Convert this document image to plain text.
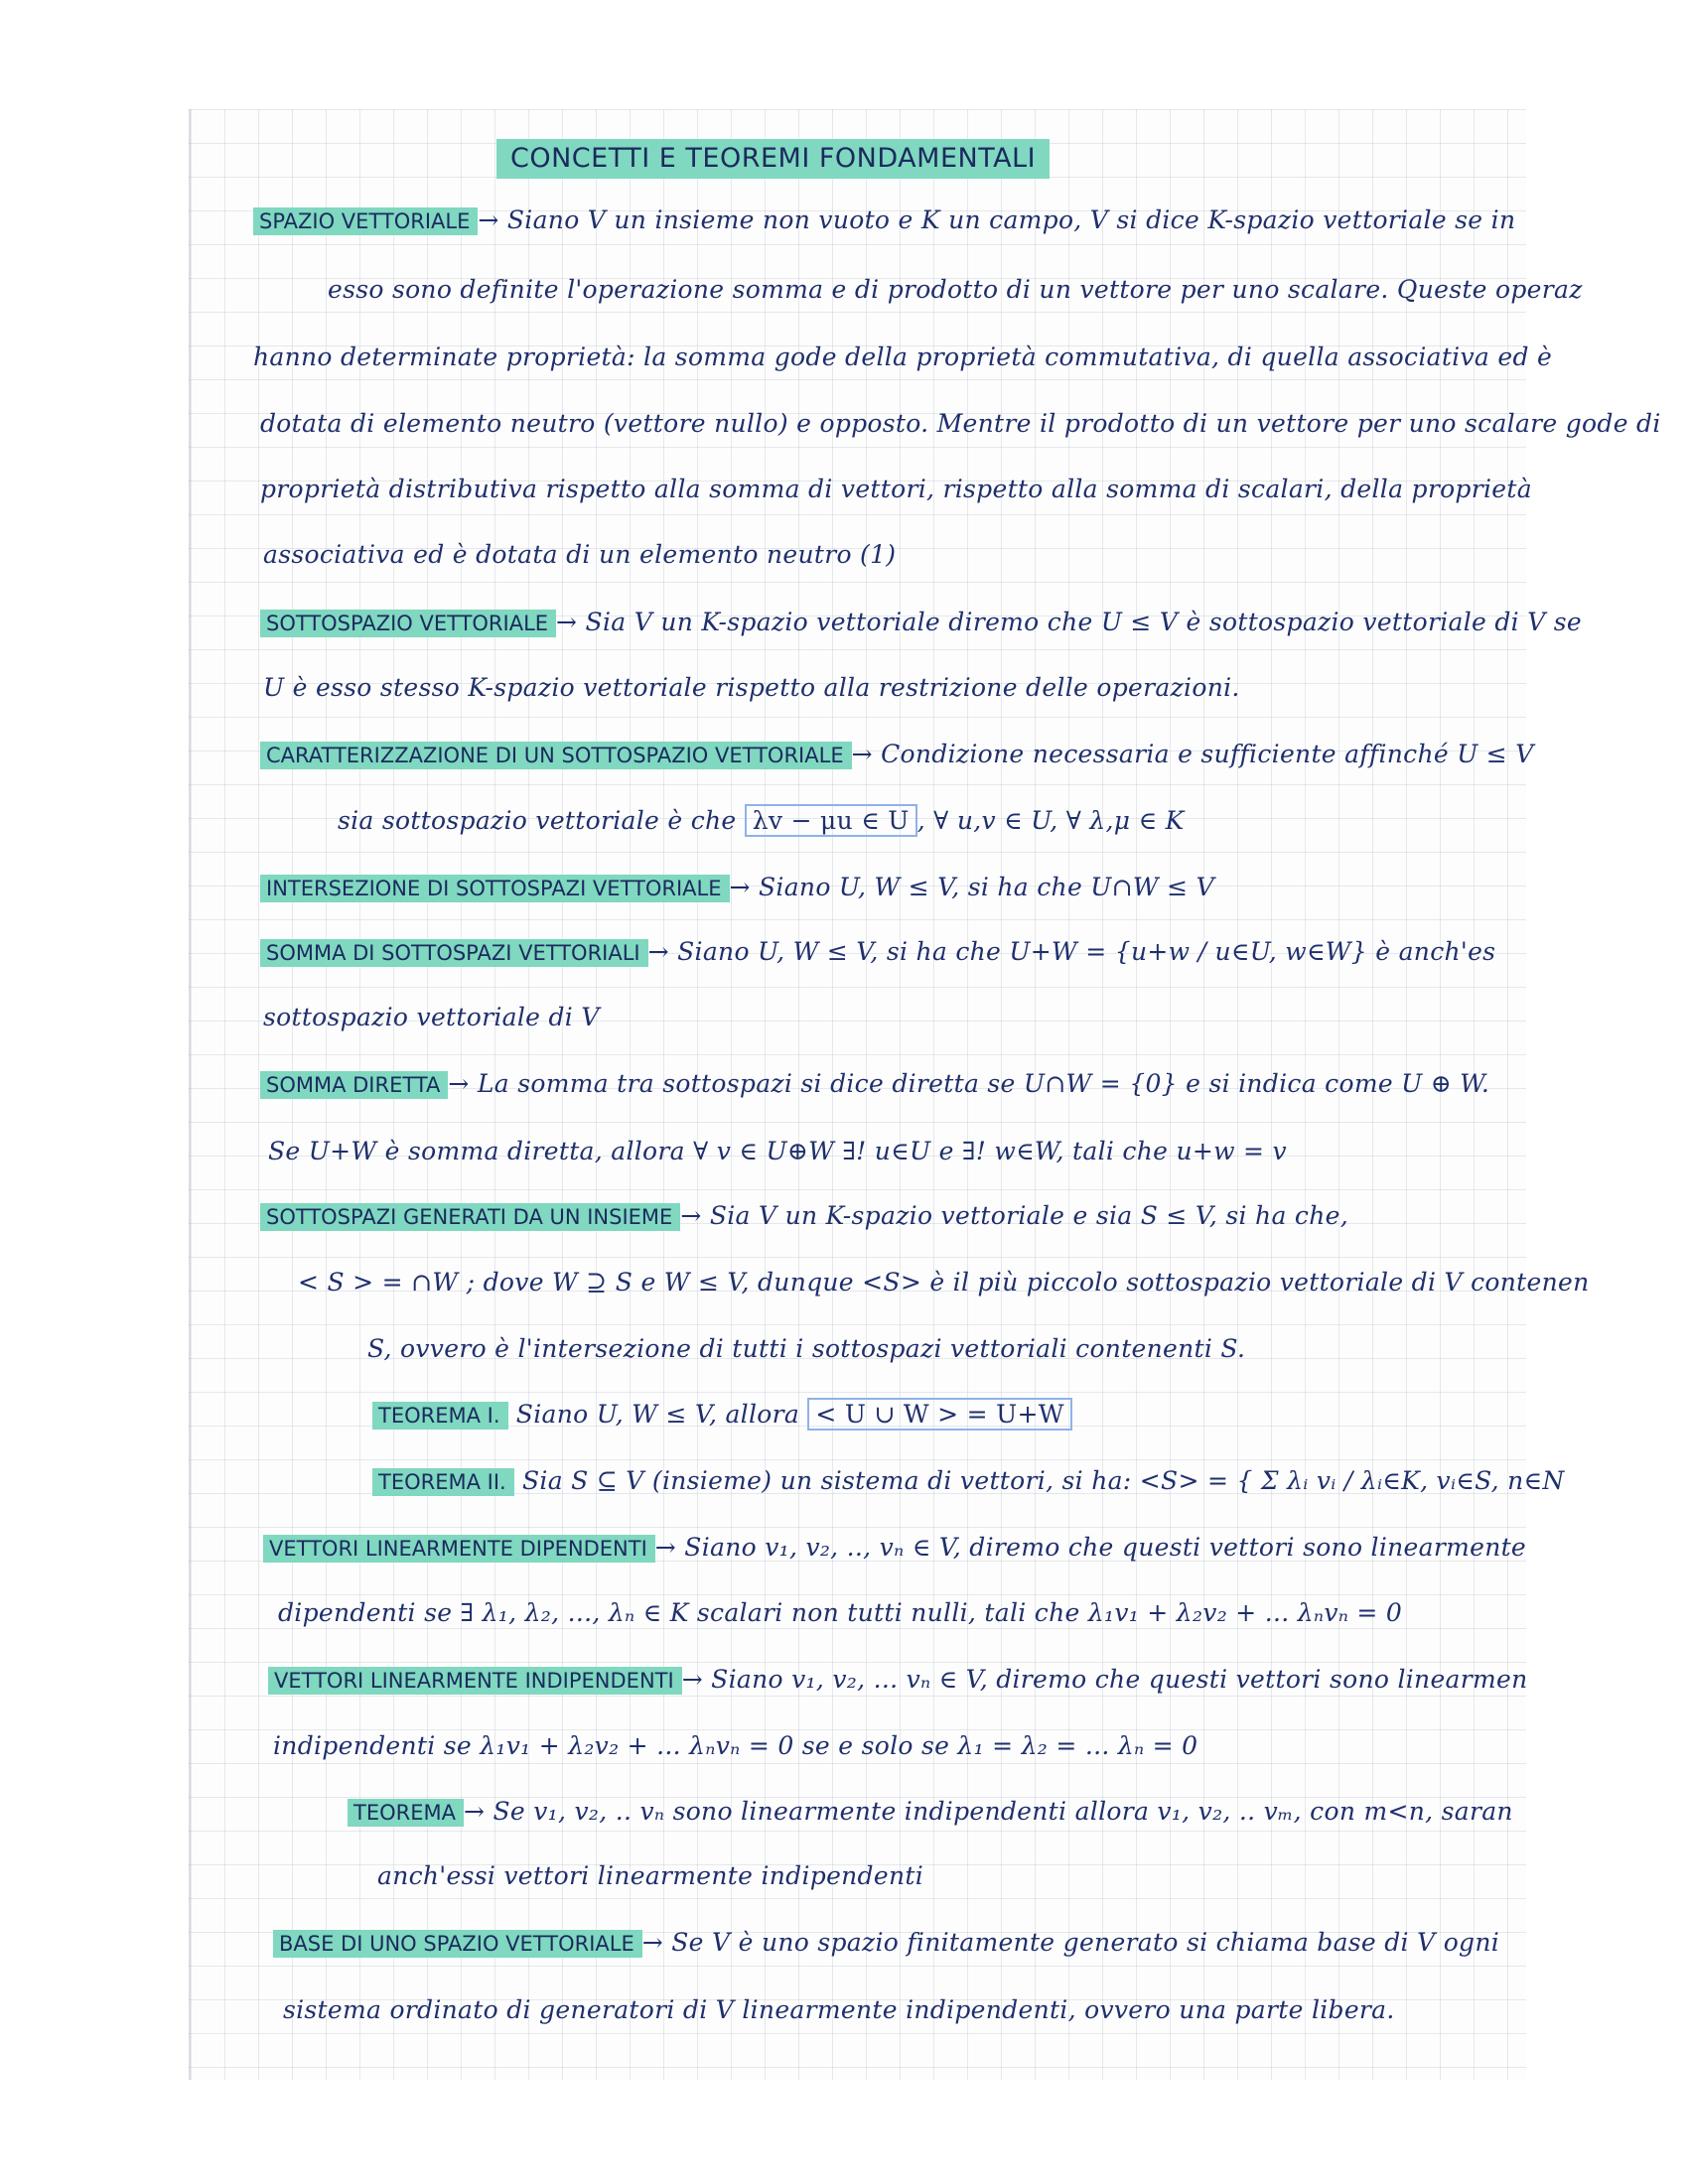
CONCETTI E TEOREMI FONDAMENTALI
SPAZIO VETTORIALE → Siano V un insieme non vuoto e K un campo, V si dice K-spazio vettoriale se in
esso sono definite l'operazione somma e di prodotto di un vettore per uno scalare. Queste operaz
hanno determinate proprietà: la somma gode della proprietà commutativa, di quella associativa ed è
dotata di elemento neutro (vettore nullo) e opposto. Mentre il prodotto di un vettore per uno scalare gode di
proprietà distributiva rispetto alla somma di vettori, rispetto alla somma di scalari, della proprietà
associativa ed è dotata di un elemento neutro (1)
SOTTOSPAZIO VETTORIALE → Sia V un K-spazio vettoriale diremo che U ≤ V è sottospazio vettoriale di V se
U è esso stesso K-spazio vettoriale rispetto alla restrizione delle operazioni.
CARATTERIZZAZIONE DI UN SOTTOSPAZIO VETTORIALE → Condizione necessaria e sufficiente affinché U ≤ V
sia sottospazio vettoriale è che λv − μu ∈ U , ∀ u,v ∈ U, ∀ λ,μ ∈ K
INTERSEZIONE DI SOTTOSPAZI VETTORIALE → Siano U, W ≤ V, si ha che U∩W ≤ V
SOMMA DI SOTTOSPAZI VETTORIALI → Siano U, W ≤ V, si ha che U+W = {u+w / u∈U, w∈W} è anch'es
sottospazio vettoriale di V
SOMMA DIRETTA → La somma tra sottospazi si dice diretta se U∩W = {0} e si indica come U ⊕ W.
Se U+W è somma diretta, allora ∀ v ∈ U⊕W ∃! u∈U e ∃! w∈W, tali che u+w = v
SOTTOSPAZI GENERATI DA UN INSIEME → Sia V un K-spazio vettoriale e sia S ≤ V, si ha che,
< S > = ∩W ; dove W ⊇ S e W ≤ V, dunque <S> è il più piccolo sottospazio vettoriale di V contenen
S, ovvero è l'intersezione di tutti i sottospazi vettoriali contenenti S.
TEOREMA I. Siano U, W ≤ V, allora < U ∪ W > = U+W
TEOREMA II. Sia S ⊆ V (insieme) un sistema di vettori, si ha: <S> = { Σ λᵢ vᵢ / λᵢ∈K, vᵢ∈S, n∈N
VETTORI LINEARMENTE DIPENDENTI → Siano v₁, v₂, .., vₙ ∈ V, diremo che questi vettori sono linearmente
dipendenti se ∃ λ₁, λ₂, ..., λₙ ∈ K scalari non tutti nulli, tali che λ₁v₁ + λ₂v₂ + ... λₙvₙ = 0
VETTORI LINEARMENTE INDIPENDENTI → Siano v₁, v₂, ... vₙ ∈ V, diremo che questi vettori sono linearmen
indipendenti se λ₁v₁ + λ₂v₂ + ... λₙvₙ = 0 se e solo se λ₁ = λ₂ = ... λₙ = 0
TEOREMA → Se v₁, v₂, .. vₙ sono linearmente indipendenti allora v₁, v₂, .. vₘ, con m<n, saran
anch'essi vettori linearmente indipendenti
BASE DI UNO SPAZIO VETTORIALE → Se V è uno spazio finitamente generato si chiama base di V ogni
sistema ordinato di generatori di V linearmente indipendenti, ovvero una parte libera.
